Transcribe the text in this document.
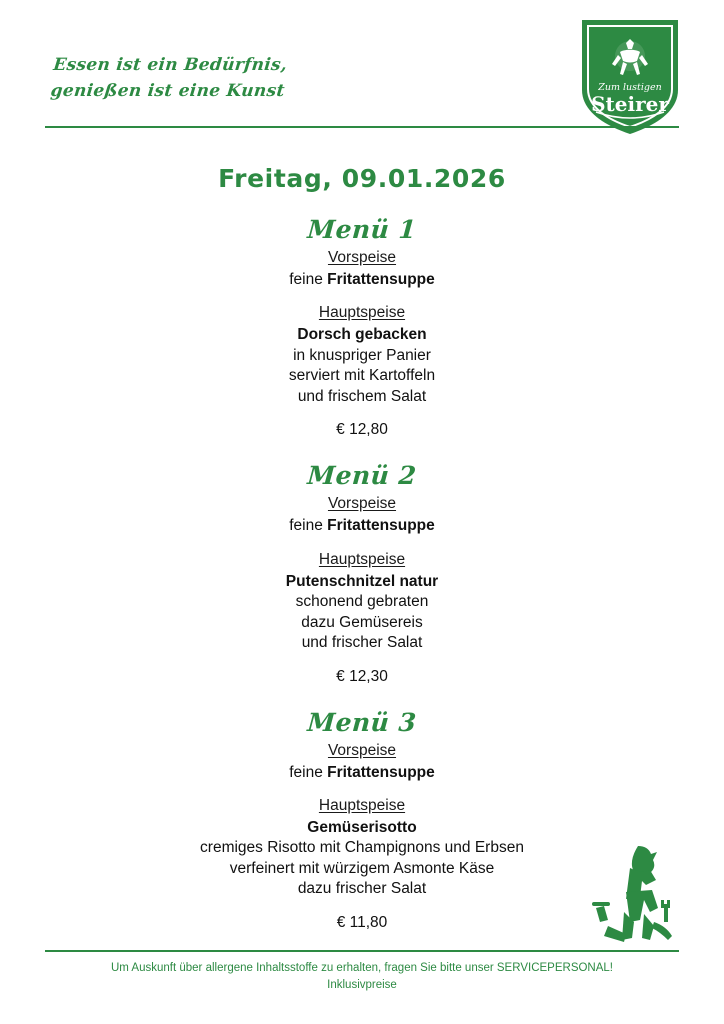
Essen ist ein Bedürfnis,
genießen ist eine Kunst	Zum lustigen
Steirer
Freitag, 09.01.2026
Menü 1
Vorspeise
feine Fritattensuppe
Hauptspeise
Dorsch gebacken
in knuspriger Panier
serviert mit Kartoffeln
und frischem Salat
€ 12,80
Menü 2
Vorspeise
feine Fritattensuppe
Hauptspeise
Putenschnitzel natur
schonend gebraten
dazu Gemüsereis
und frischer Salat
€ 12,30
Menü 3
Vorspeise
feine Fritattensuppe
Hauptspeise
Gemüserisotto
cremiges Risotto mit Champignons und Erbsen
verfeinert mit würzigem Asmonte Käse
dazu frischer Salat
€ 11,80
Um Auskunft über allergene Inhaltsstoffe zu erhalten, fragen Sie bitte unser SERVICEPERSONAL!
Inklusivpreise
